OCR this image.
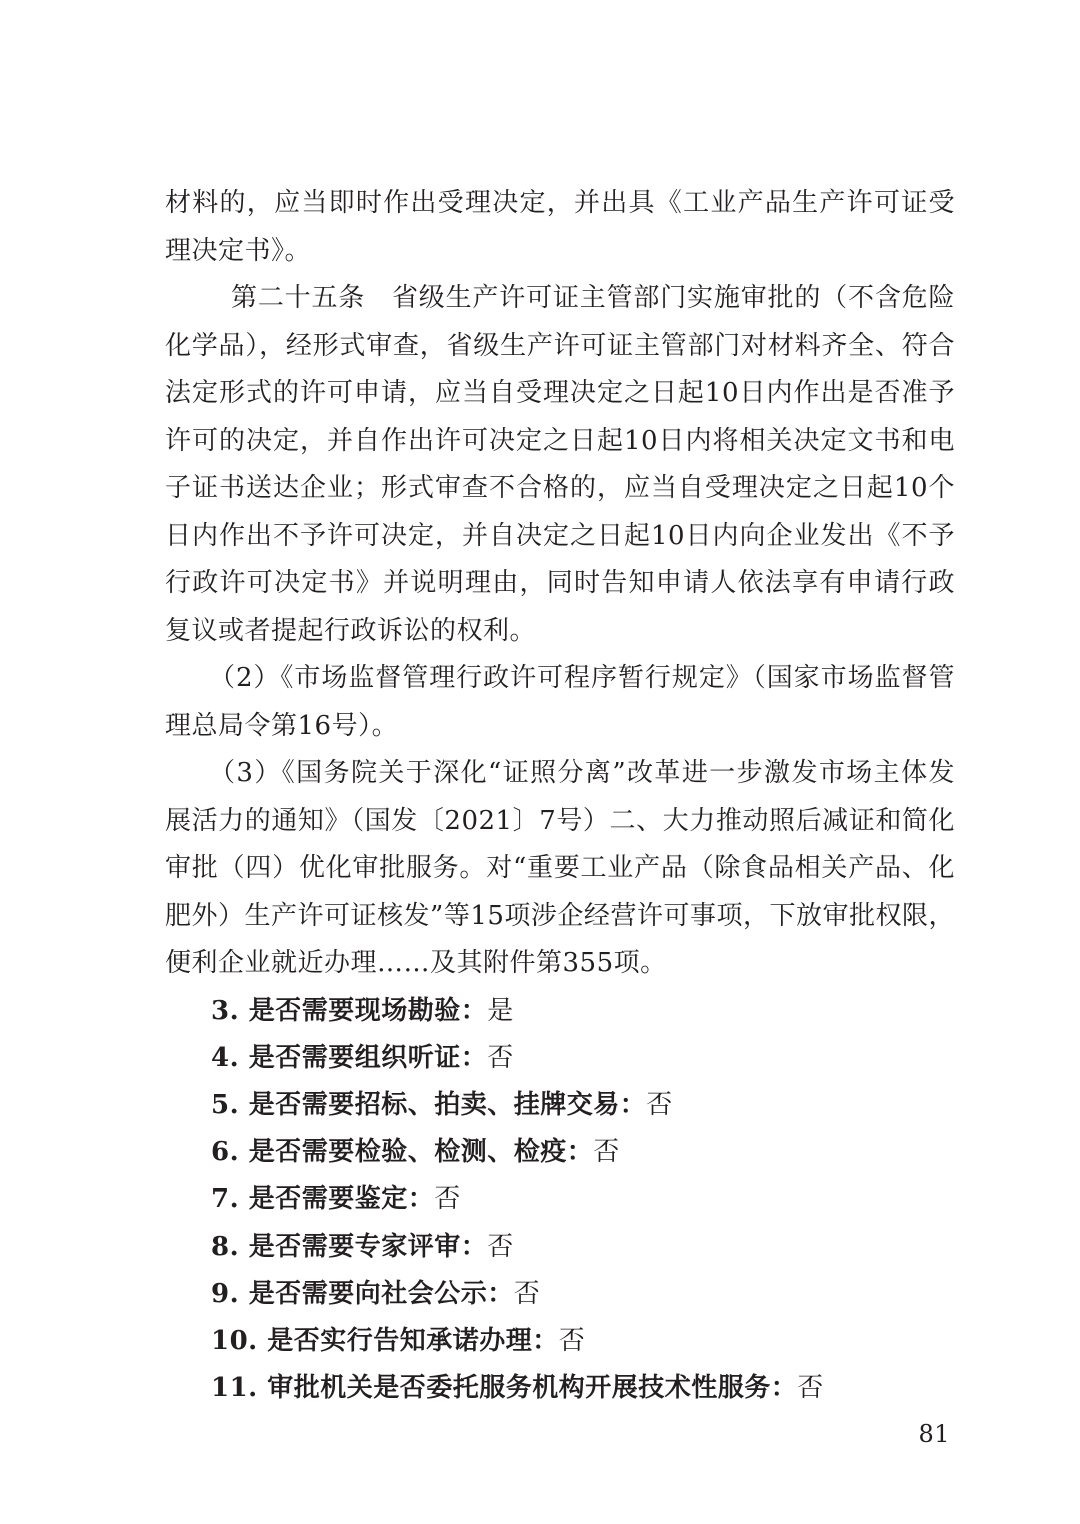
材料的，应当即时作出受理决定，并出具《工业产品生产许可证受理决定书》。

第二十五条　省级生产许可证主管部门实施审批的（不含危险化学品），经形式审查，省级生产许可证主管部门对材料齐全、符合法定形式的许可申请，应当自受理决定之日起10日内作出是否准予许可的决定，并自作出许可决定之日起10日内将相关决定文书和电子证书送达企业；形式审查不合格的，应当自受理决定之日起10个日内作出不予许可决定，并自决定之日起10日内向企业发出《不予行政许可决定书》并说明理由，同时告知申请人依法享有申请行政复议或者提起行政诉讼的权利。

（2）《市场监督管理行政许可程序暂行规定》（国家市场监督管理总局令第16号）。

（3）《国务院关于深化“证照分离”改革进一步激发市场主体发展活力的通知》（国发〔2021〕7号）二、大力推动照后减证和简化审批（四）优化审批服务。对“重要工业产品（除食品相关产品、化肥外）生产许可证核发”等15项涉企经营许可事项，下放审批权限，便利企业就近办理……及其附件第355项。

3. 是否需要现场勘验：是
4. 是否需要组织听证：否
5. 是否需要招标、拍卖、挂牌交易：否
6. 是否需要检验、检测、检疫：否
7. 是否需要鉴定：否
8. 是否需要专家评审：否
9. 是否需要向社会公示：否
10. 是否实行告知承诺办理：否
11. 审批机关是否委托服务机构开展技术性服务：否
81
